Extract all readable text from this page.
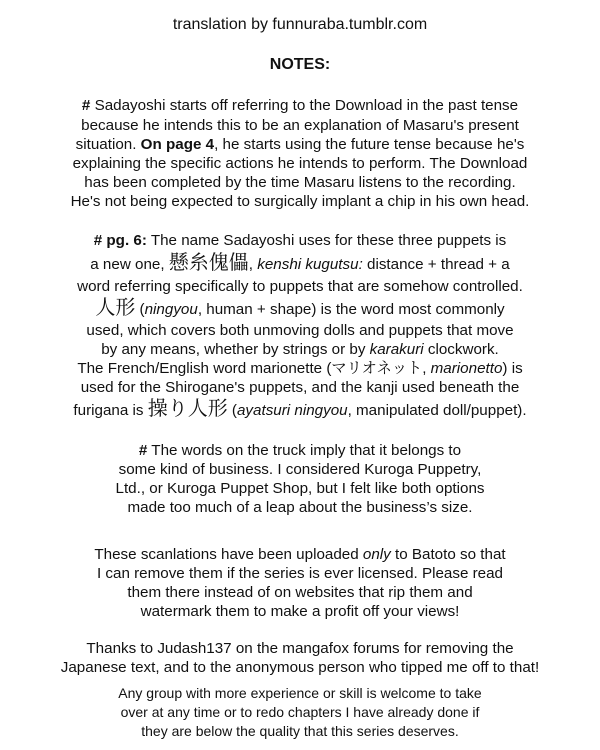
translation by funnuraba.tumblr.com

NOTES:

# Sadayoshi starts off referring to the Download in the past tense

because he intends this to be an explanation of Masaru's present

situation. On page 4, he starts using the future tense because he's

explaining the specific actions he intends to perform. The Download

has been completed by the time Masaru listens to the recording.

He's not being expected to surgically implant a chip in his own head.

# pg. 6: The name Sadayoshi uses for these three puppets is

a new one, 懸糸傀儡, kenshi kugutsu: distance + thread + a

word referring specifically to puppets that are somehow controlled.

人形 (ningyou, human + shape) is the word most commonly

used, which covers both unmoving dolls and puppets that move

by any means, whether by strings or by karakuri clockwork.

The French/English word marionette (マリオネット, marionetto) is

used for the Shirogane's puppets, and the kanji used beneath the

furigana is 操り人形 (ayatsuri ningyou, manipulated doll/puppet).

# The words on the truck imply that it belongs to

some kind of business. I considered Kuroga Puppetry,

Ltd., or Kuroga Puppet Shop, but I felt like both options

made too much of a leap about the business’s size.

These scanlations have been uploaded only to Batoto so that

I can remove them if the series is ever licensed. Please read

them there instead of on websites that rip them and

watermark them to make a profit off your views!

Thanks to Judash137 on the mangafox forums for removing the

Japanese text, and to the anonymous person who tipped me off to that!

Any group with more experience or skill is welcome to take

over at any time or to redo chapters I have already done if

they are below the quality that this series deserves.
